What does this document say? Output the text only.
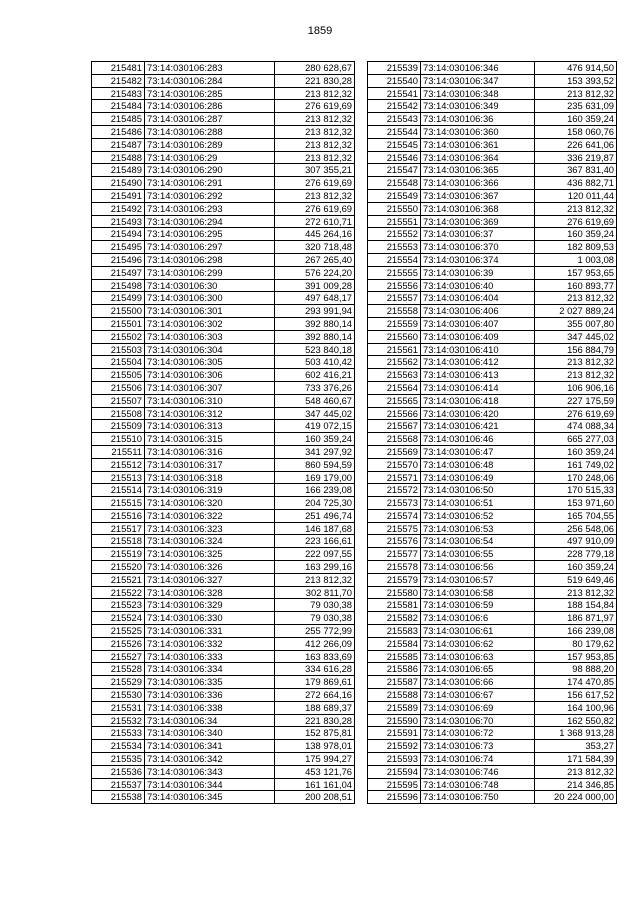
1859
215481	73:14:030106:283	280 628,67
215482	73:14:030106:284	221 830,28
215483	73:14:030106:285	213 812,32
215484	73:14:030106:286	276 619,69
215485	73:14:030106:287	213 812,32
215486	73:14:030106:288	213 812,32
215487	73:14:030106:289	213 812,32
215488	73:14:030106:29	213 812,32
215489	73:14:030106:290	307 355,21
215490	73:14:030106:291	276 619,69
215491	73:14:030106:292	213 812,32
215492	73:14:030106:293	276 619,69
215493	73:14:030106:294	272 610,71
215494	73:14:030106:295	445 264,16
215495	73:14:030106:297	320 718,48
215496	73:14:030106:298	267 265,40
215497	73:14:030106:299	576 224,20
215498	73:14:030106:30	391 009,28
215499	73:14:030106:300	497 648,17
215500	73:14:030106:301	293 991,94
215501	73:14:030106:302	392 880,14
215502	73:14:030106:303	392 880,14
215503	73:14:030106:304	523 840,18
215504	73:14:030106:305	503 410,42
215505	73:14:030106:306	602 416,21
215506	73:14:030106:307	733 376,26
215507	73:14:030106:310	548 460,67
215508	73:14:030106:312	347 445,02
215509	73:14:030106:313	419 072,15
215510	73:14:030106:315	160 359,24
215511	73:14:030106:316	341 297,92
215512	73:14:030106:317	860 594,59
215513	73:14:030106:318	169 179,00
215514	73:14:030106:319	166 239,08
215515	73:14:030106:320	204 725,30
215516	73:14:030106:322	251 496,74
215517	73:14:030106:323	146 187,68
215518	73:14:030106:324	223 166,61
215519	73:14:030106:325	222 097,55
215520	73:14:030106:326	163 299,16
215521	73:14:030106:327	213 812,32
215522	73:14:030106:328	302 811,70
215523	73:14:030106:329	79 030,38
215524	73:14:030106:330	79 030,38
215525	73:14:030106:331	255 772,99
215526	73:14:030106:332	412 266,09
215527	73:14:030106:333	163 833,69
215528	73:14:030106:334	334 616,28
215529	73:14:030106:335	179 869,61
215530	73:14:030106:336	272 664,16
215531	73:14:030106:338	188 689,37
215532	73:14:030106:34	221 830,28
215533	73:14:030106:340	152 875,81
215534	73:14:030106:341	138 978,01
215535	73:14:030106:342	175 994,27
215536	73:14:030106:343	453 121,76
215537	73:14:030106:344	161 161,04
215538	73:14:030106:345	200 208,51
215539	73:14:030106:346	476 914,50
215540	73:14:030106:347	153 393,52
215541	73:14:030106:348	213 812,32
215542	73:14:030106:349	235 631,09
215543	73:14:030106:36	160 359,24
215544	73:14:030106:360	158 060,76
215545	73:14:030106:361	226 641,06
215546	73:14:030106:364	336 219,87
215547	73:14:030106:365	367 831,40
215548	73:14:030106:366	436 882,71
215549	73:14:030106:367	120 011,44
215550	73:14:030106:368	213 812,32
215551	73:14:030106:369	276 619,69
215552	73:14:030106:37	160 359,24
215553	73:14:030106:370	182 809,53
215554	73:14:030106:374	1 003,08
215555	73:14:030106:39	157 953,65
215556	73:14:030106:40	160 893,77
215557	73:14:030106:404	213 812,32
215558	73:14:030106:406	2 027 889,24
215559	73:14:030106:407	355 007,80
215560	73:14:030106:409	347 445,02
215561	73:14:030106:410	156 884,79
215562	73:14:030106:412	213 812,32
215563	73:14:030106:413	213 812,32
215564	73:14:030106:414	106 906,16
215565	73:14:030106:418	227 175,59
215566	73:14:030106:420	276 619,69
215567	73:14:030106:421	474 088,34
215568	73:14:030106:46	665 277,03
215569	73:14:030106:47	160 359,24
215570	73:14:030106:48	161 749,02
215571	73:14:030106:49	170 248,06
215572	73:14:030106:50	170 515,33
215573	73:14:030106:51	153 971,60
215574	73:14:030106:52	165 704,55
215575	73:14:030106:53	256 548,06
215576	73:14:030106:54	497 910,09
215577	73:14:030106:55	228 779,18
215578	73:14:030106:56	160 359,24
215579	73:14:030106:57	519 649,46
215580	73:14:030106:58	213 812,32
215581	73:14:030106:59	188 154,84
215582	73:14:030106:6	186 871,97
215583	73:14:030106:61	166 239,08
215584	73:14:030106:62	80 179,62
215585	73:14:030106:63	157 953,85
215586	73:14:030106:65	98 888,20
215587	73:14:030106:66	174 470,85
215588	73:14:030106:67	156 617,52
215589	73:14:030106:69	164 100,96
215590	73:14:030106:70	162 550,82
215591	73:14:030106:72	1 368 913,28
215592	73:14:030106:73	353,27
215593	73:14:030106:74	171 584,39
215594	73:14:030106:746	213 812,32
215595	73:14:030106:748	214 346,85
215596	73:14:030106:750	20 224 000,00
